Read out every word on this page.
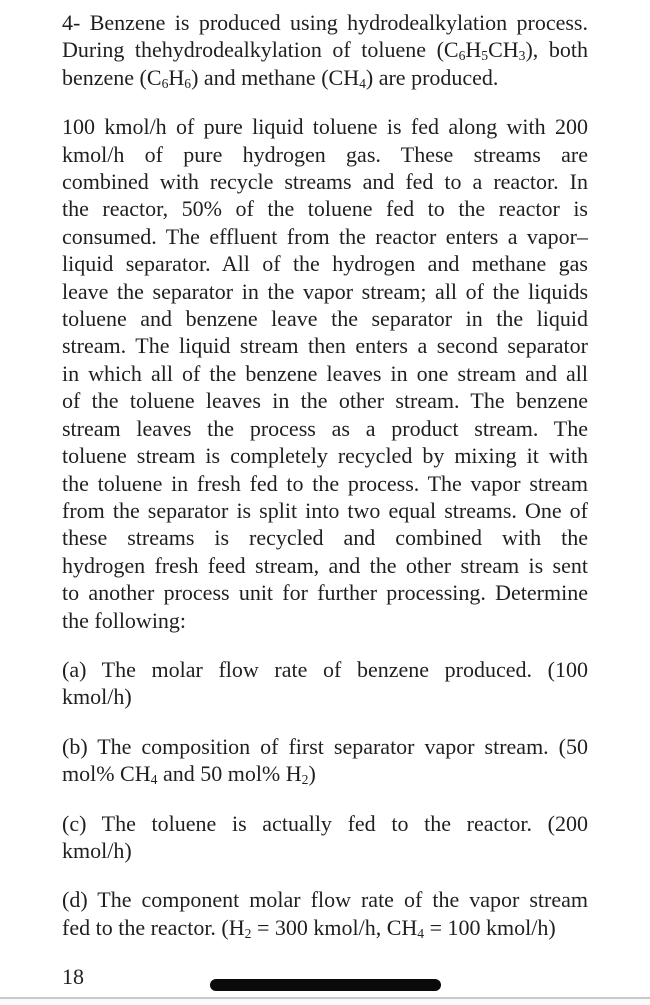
4- Benzene is produced using hydrodealkylation process.
During thehydrodealkylation of toluene $(C_6H_5CH_3)$, both
benzene $(C_6H_6)$ and methane $(CH_4)$ are produced.

100 kmol/h of pure liquid toluene is fed along with 200
kmol/h of pure hydrogen gas. These streams are
combined with recycle streams and fed to a reactor. In
the reactor, 50% of the toluene fed to the reactor is
consumed. The effluent from the reactor enters a vapor–
liquid separator. All of the hydrogen and methane gas
leave the separator in the vapor stream; all of the liquids
toluene and benzene leave the separator in the liquid
stream. The liquid stream then enters a second separator
in which all of the benzene leaves in one stream and all
of the toluene leaves in the other stream. The benzene
stream leaves the process as a product stream. The
toluene stream is completely recycled by mixing it with
the toluene in fresh fed to the process. The vapor stream
from the separator is split into two equal streams. One of
these streams is recycled and combined with the
hydrogen fresh feed stream, and the other stream is sent
to another process unit for further processing. Determine
the following:

(a) The molar flow rate of benzene produced. (100
kmol/h)

(b) The composition of first separator vapor stream. (50
mol% $CH_4$ and 50 mol% $H_2$)

(c) The toluene is actually fed to the reactor. (200
kmol/h)

(d) The component molar flow rate of the vapor stream
fed to the reactor. ($H_2 = 300$ kmol/h, $CH_4 = 100$ kmol/h)

18
